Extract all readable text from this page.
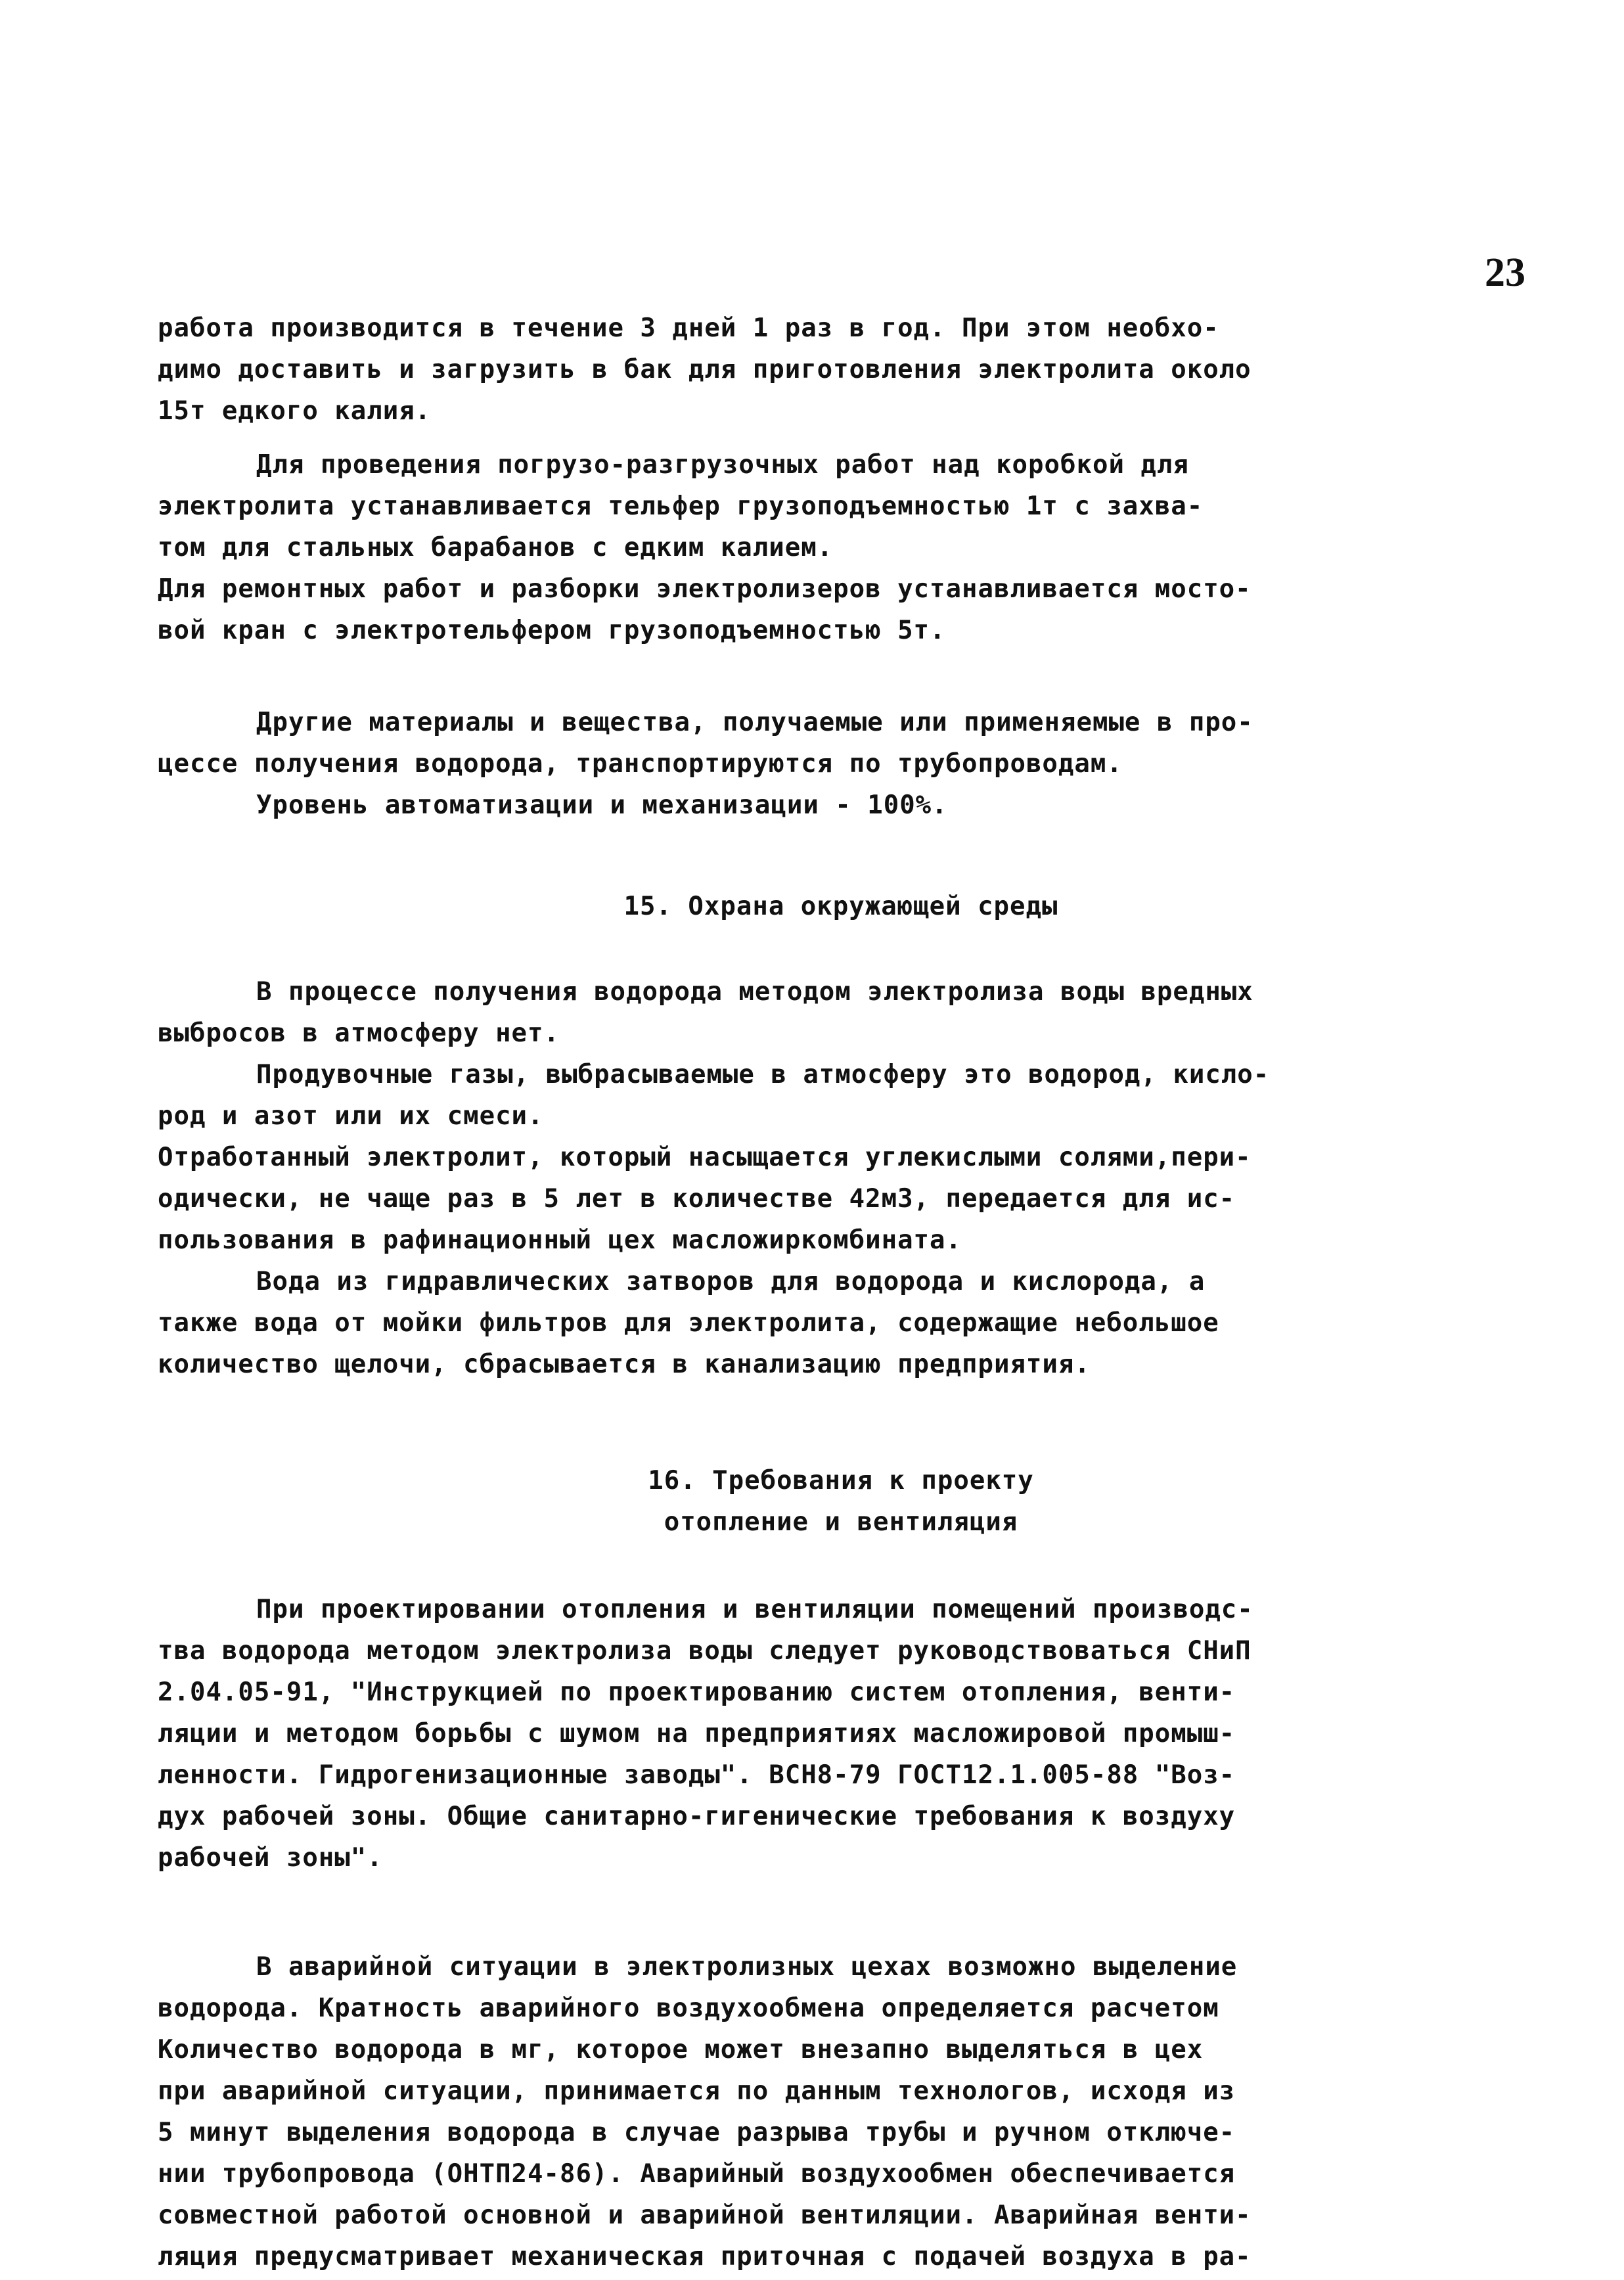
23
работа производится в течение 3 дней 1 раз в год. При этом необхо-
димо доставить и загрузить в бак для приготовления электролита около
15т едкого калия.
Для проведения погрузо-разгрузочных работ над коробкой для
электролита устанавливается тельфер грузоподъемностью 1т с захва-
том для стальных барабанов с едким калием.
Для ремонтных работ и разборки электролизеров устанавливается мосто-
вой кран с электротельфером грузоподъемностью 5т.
Другие материалы и вещества, получаемые или применяемые в про-
цессе получения водорода, транспортируются по трубопроводам.
Уровень автоматизации и механизации - 100%.
15. Охрана окружающей среды
В процессе получения водорода методом электролиза воды вредных
выбросов в атмосферу нет.
Продувочные газы, выбрасываемые в атмосферу это водород, кисло-
род и азот или их смеси.
Отработанный электролит, который насыщается углекислыми солями,пери-
одически, не чаще раз в 5 лет в количестве 42м3, передается для ис-
пользования в рафинационный цех масложиркомбината.
Вода из гидравлических затворов для водорода и кислорода, а
также вода от мойки фильтров для электролита, содержащие небольшое
количество щелочи, сбрасывается в канализацию предприятия.
16. Требования к проекту
отопление и вентиляция
При проектировании отопления и вентиляции помещений производс-
тва водорода методом электролиза воды следует руководствоваться СНиП
2.04.05-91, "Инструкцией по проектированию систем отопления, венти-
ляции и методом борьбы с шумом на предприятиях масложировой промыш-
ленности. Гидрогенизационные заводы". ВСН8-79 ГОСТ12.1.005-88 "Воз-
дух рабочей зоны. Общие санитарно-гигенические требования к воздуху
рабочей зоны".
В аварийной ситуации в электролизных цехах возможно выделение
водорода. Кратность аварийного воздухообмена определяется расчетом
Количество водорода в мг, которое может внезапно выделяться в цех
при аварийной ситуации, принимается по данным технологов, исходя из
5 минут выделения водорода в случае разрыва трубы и ручном отключе-
нии трубопровода (ОНТП24-86). Аварийный воздухообмен обеспечивается
совместной работой основной и аварийной вентиляции. Аварийная венти-
ляция предусматривает механическая приточная с подачей воздуха в ра-
